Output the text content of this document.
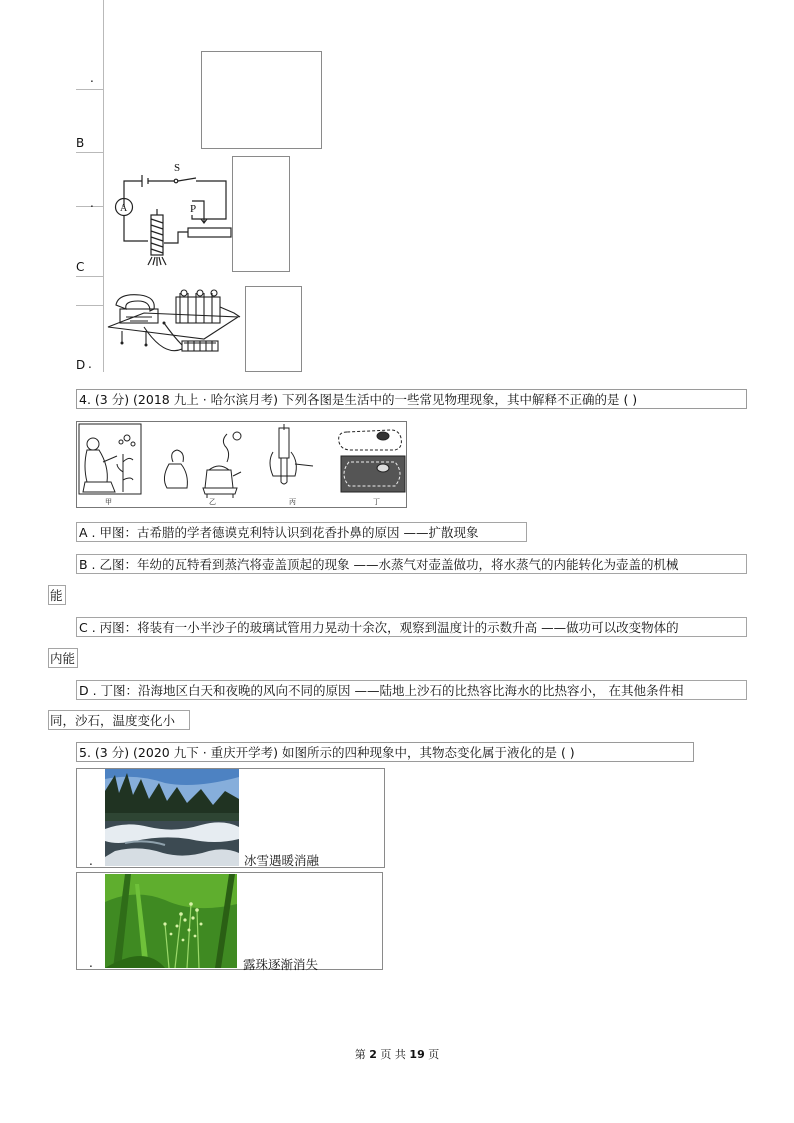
.
B
.
S
A	P
C
D .
4. (3 分) (2018 九上 · 哈尔滨月考) 下列各图是生活中的一些常见物理现象，其中解释不正确的是 ( )
甲	乙	丙	丁
A . 甲图：古希腊的学者德谟克利特认识到花香扑鼻的原因 ——扩散现象
B . 乙图：年幼的瓦特看到蒸汽将壶盖顶起的现象 ——水蒸气对壶盖做功，将水蒸气的内能转化为壶盖的机械
能
C . 丙图：将装有一小半沙子的玻璃试管用力晃动十余次，观察到温度计的示数升高 ——做功可以改变物体的
内能
D . 丁图：沿海地区白天和夜晚的风向不同的原因 ——陆地上沙石的比热容比海水的比热容小， 在其他条件相
同，沙石，温度变化小
5. (3 分) (2020 九下 · 重庆开学考) 如图所示的四种现象中，其物态变化属于液化的是 ( )
.	冰雪遇暖消融
.	露珠逐渐消失
第 2 页 共 19 页
